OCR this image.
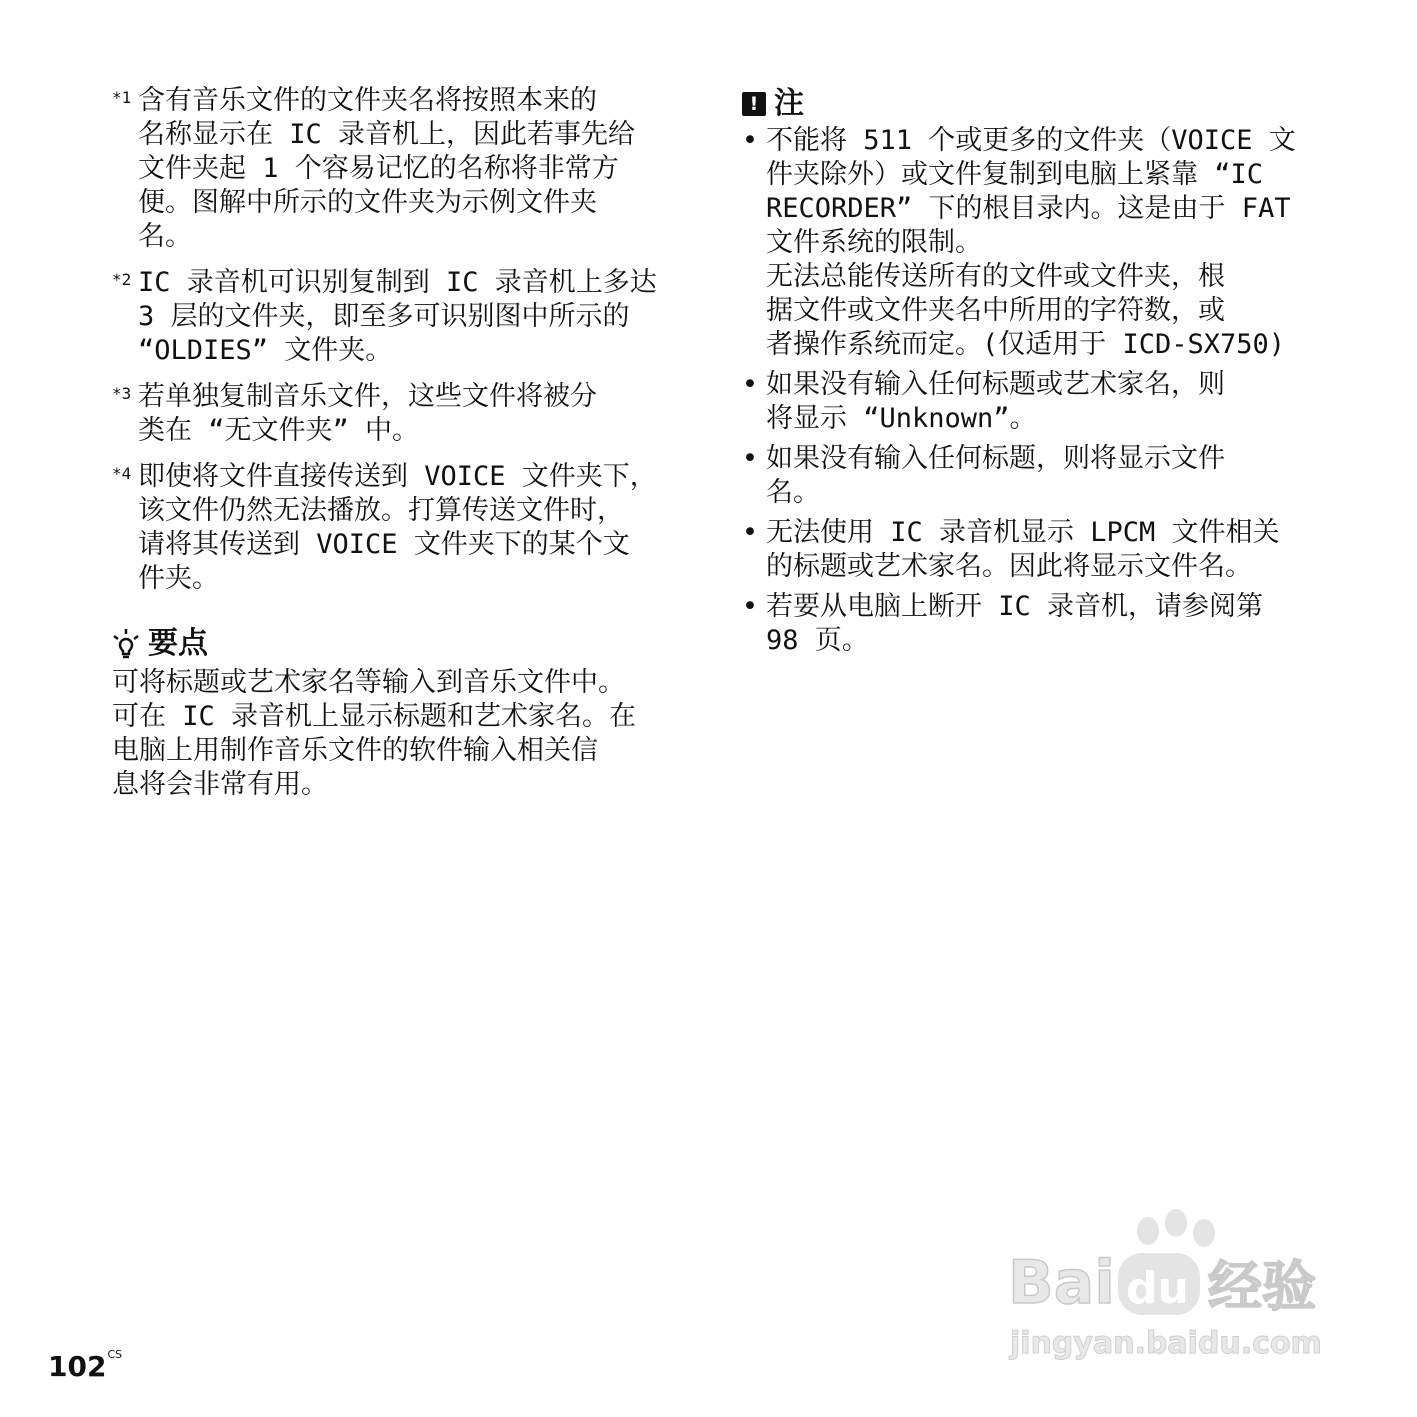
*1 含有音乐文件的文件夹名将按照本来的
名称显示在 IC 录音机上，因此若事先给
文件夹起 1 个容易记忆的名称将非常方
便。图解中所示的文件夹为示例文件夹
名。
*2 IC 录音机可识别复制到 IC 录音机上多达
3 层的文件夹，即至多可识别图中所示的
“OLDIES” 文件夹。
*3 若单独复制音乐文件，这些文件将被分
类在 “无文件夹” 中。
*4 即使将文件直接传送到 VOICE 文件夹下，
该文件仍然无法播放。打算传送文件时，
请将其传送到 VOICE 文件夹下的某个文
件夹。
要点
可将标题或艺术家名等输入到音乐文件中。
可在 IC 录音机上显示标题和艺术家名。在
电脑上用制作音乐文件的软件输入相关信
息将会非常有用。
! 注
• 不能将 511 个或更多的文件夹（VOICE 文
件夹除外）或文件复制到电脑上紧靠 “IC
RECORDER” 下的根目录内。这是由于 FAT
文件系统的限制。
无法总能传送所有的文件或文件夹，根
据文件或文件夹名中所用的字符数，或
者操作系统而定。(仅适用于 ICD-SX750)
• 如果没有输入任何标题或艺术家名，则
将显示 “Unknown”。
• 如果没有输入任何标题，则将显示文件
名。
• 无法使用 IC 录音机显示 LPCM 文件相关
的标题或艺术家名。因此将显示文件名。
• 若要从电脑上断开 IC 录音机，请参阅第
98 页。
$102^{CS}$
Bai du 经验
jingyan.baidu.com
